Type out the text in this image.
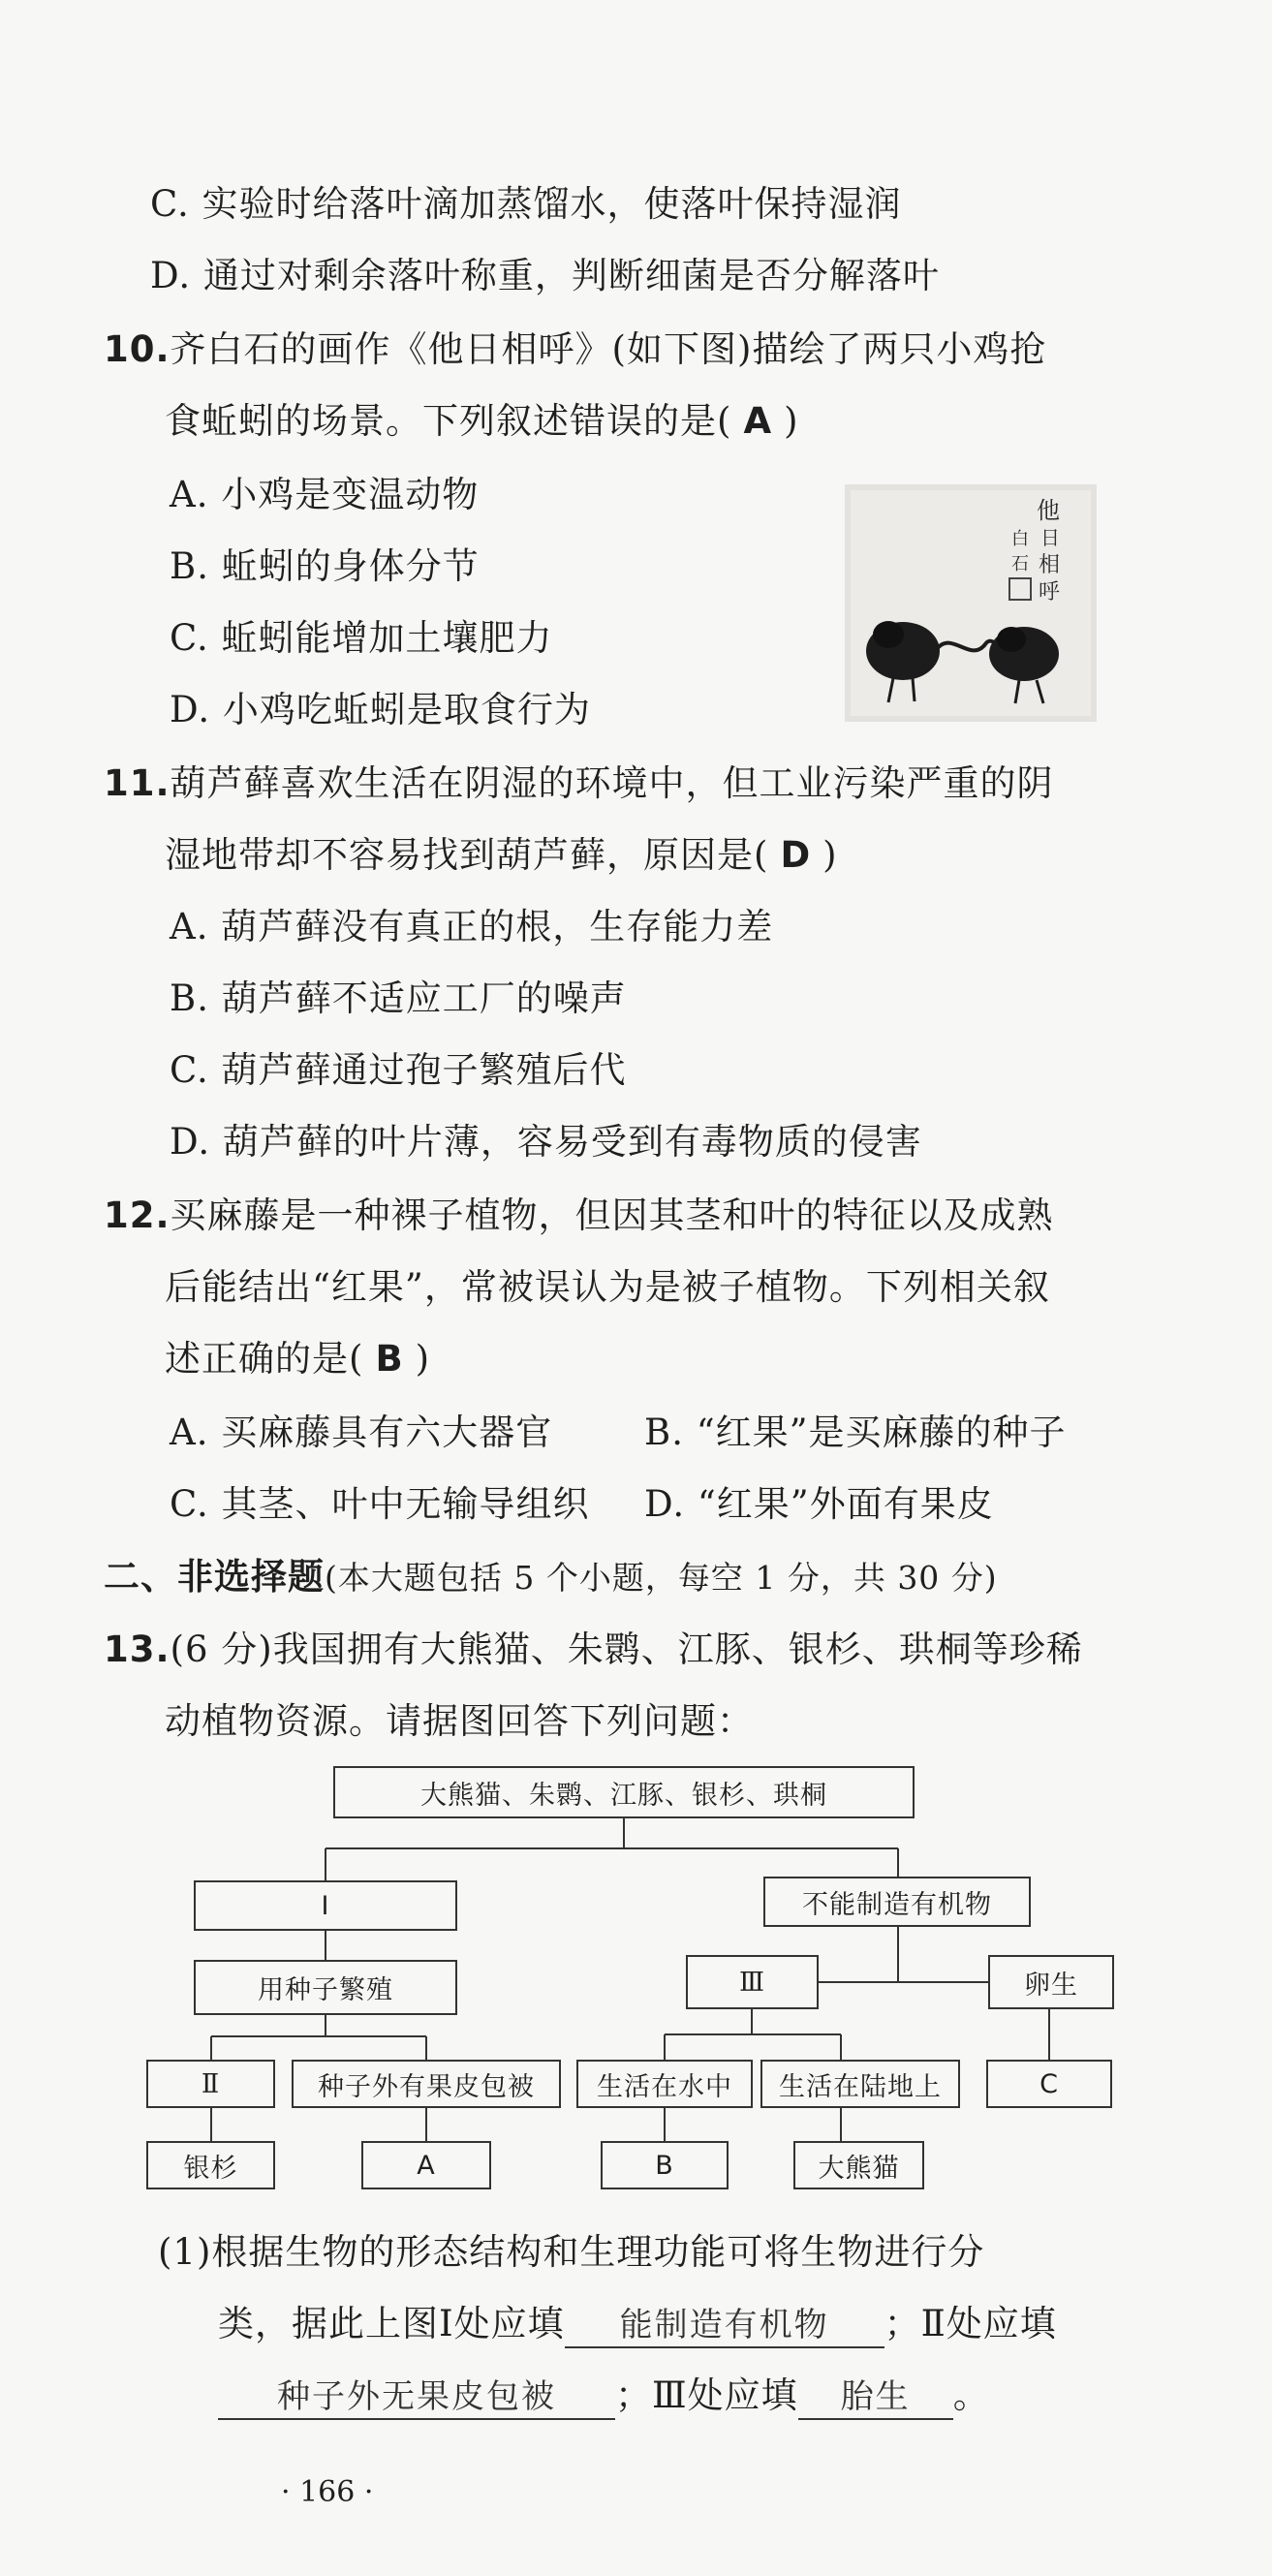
C. 实验时给落叶滴加蒸馏水，使落叶保持湿润
D. 通过对剩余落叶称重，判断细菌是否分解落叶
10.齐白石的画作《他日相呼》(如下图)描绘了两只小鸡抢
食蚯蚓的场景。下列叙述错误的是( A )
A. 小鸡是变温动物
B. 蚯蚓的身体分节
C. 蚯蚓能增加土壤肥力
D. 小鸡吃蚯蚓是取食行为
他
日
相
呼
白
石
11.葫芦藓喜欢生活在阴湿的环境中，但工业污染严重的阴
湿地带却不容易找到葫芦藓，原因是( D )
A. 葫芦藓没有真正的根，生存能力差
B. 葫芦藓不适应工厂的噪声
C. 葫芦藓通过孢子繁殖后代
D. 葫芦藓的叶片薄，容易受到有毒物质的侵害
12.买麻藤是一种裸子植物，但因其茎和叶的特征以及成熟
后能结出“红果”，常被误认为是被子植物。下列相关叙
述正确的是( B )
A. 买麻藤具有六大器官	B. “红果”是买麻藤的种子
C. 其茎、叶中无输导组织 D. “红果”外面有果皮
二、非选择题(本大题包括 5 个小题，每空 1 分，共 30 分)
13.(6 分)我国拥有大熊猫、朱鹮、江豚、银杉、珙桐等珍稀
动植物资源。请据图回答下列问题：
大熊猫、朱鹮、江豚、银杉、珙桐
I	不能制造有机物
用种子繁殖	Ⅲ	卵生
Ⅱ	种子外有果皮包被	生活在水中	生活在陆地上	C
银杉	A	B	大熊猫
(1)根据生物的形态结构和生理功能可将生物进行分
类，据此上图Ⅰ处应填 能制造有机物 ；Ⅱ处应填
种子外无果皮包被 ；Ⅲ处应填 胎生 。
· 166 ·
